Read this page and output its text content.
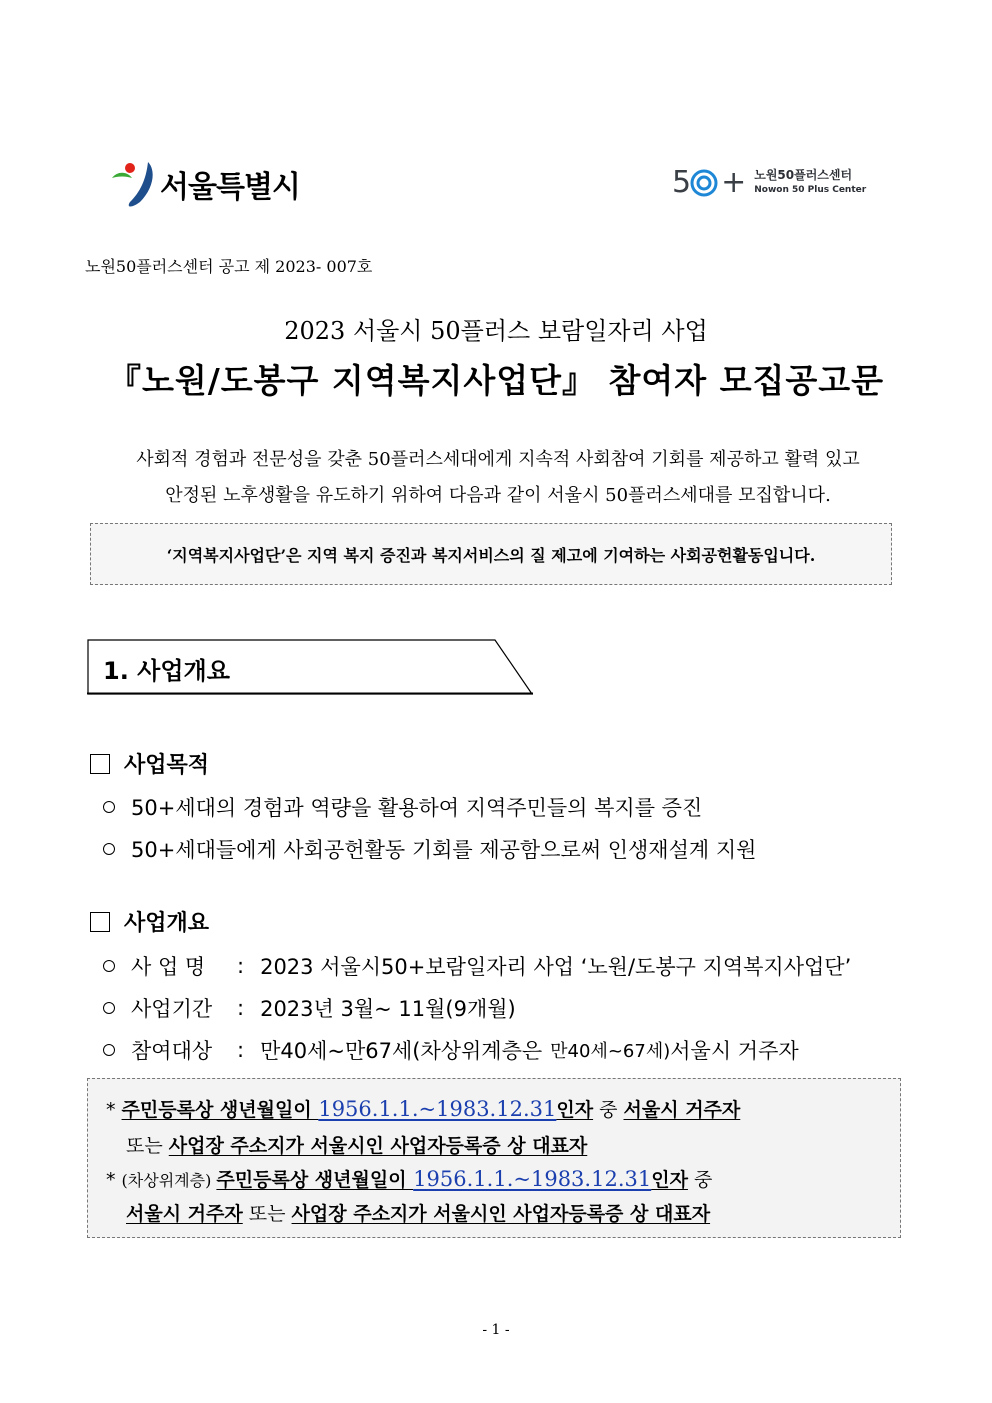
서울특별시	5 + 노원50플러스센터
Nowon 50 Plus Center
노원50플러스센터 공고 제 2023- 007호
2023 서울시 50플러스 보람일자리 사업
『노원/도봉구 지역복지사업단』 참여자 모집공고문
사회적 경험과 전문성을 갖춘 50플러스세대에게 지속적 사회참여 기회를 제공하고 활력 있고
안정된 노후생활을 유도하기 위하여 다음과 같이 서울시 50플러스세대를 모집합니다.
‘지역복지사업단’은 지역 복지 증진과 복지서비스의 질 제고에 기여하는 사회공헌활동입니다.
1. 사업개요
사업목적
50+세대의 경험과 역량을 활용하여 지역주민들의 복지를 증진
50+세대들에게 사회공헌활동 기회를 제공함으로써 인생재설계 지원
사업개요
사 업 명	: 2023 서울시50+보람일자리 사업 ‘노원/도봉구 지역복지사업단’
사업기간	: 2023년 3월~ 11월(9개월)
참여대상	: 만40세~만67세(차상위계층은 만40세~67세) 서울시 거주자
* 주민등록상 생년월일이 1956.1.1.~1983.12.31인자 중 서울시 거주자
또는 사업장 주소지가 서울시인 사업자등록증 상 대표자
* (차상위계층) 주민등록상 생년월일이 1956.1.1.~1983.12.31인자 중
서울시 거주자 또는 사업장 주소지가 서울시인 사업자등록증 상 대표자
- 1 -
